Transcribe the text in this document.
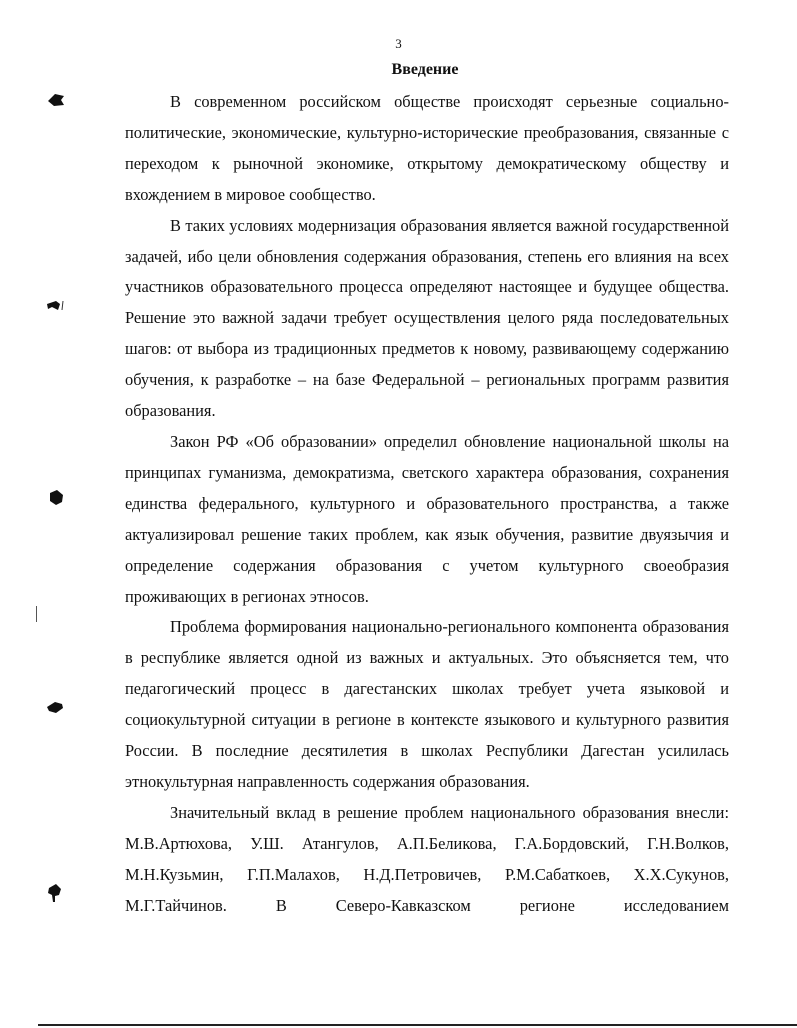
3
Введение

В современном российском обществе происходят серьезные социально-политические, экономические, культурно-исторические преобразования, связанные с переходом к рыночной экономике, открытому демократическому обществу и вхождением в мировое сообщество.

В таких условиях модернизация образования является важной государственной задачей, ибо цели обновления содержания образования, степень его влияния на всех участников образовательного процесса определяют настоящее и будущее общества. Решение это важной задачи требует осуществления целого ряда последовательных шагов: от выбора из традиционных предметов к новому, развивающему содержанию обучения, к разработке – на базе Федеральной – региональных программ развития образования.

Закон РФ «Об образовании» определил обновление национальной школы на принципах гуманизма, демократизма, светского характера образования, сохранения единства федерального, культурного и образовательного пространства, а также актуализировал решение таких проблем, как язык обучения, развитие двуязычия и определение содержания образования с учетом культурного своеобразия проживающих в регионах этносов.

Проблема формирования национально-регионального компонента образования в республике является одной из важных и актуальных. Это объясняется тем, что педагогический процесс в дагестанских школах требует учета языковой и социокультурной ситуации в регионе в контексте языкового и культурного развития России. В последние десятилетия в школах Республики Дагестан усилилась этнокультурная направленность содержания образования.

Значительный вклад в решение проблем национального образования внесли: М.В.Артюхова, У.Ш. Атангулов, А.П.Беликова, Г.А.Бордовский, Г.Н.Волков, М.Н.Кузьмин, Г.П.Малахов, Н.Д.Петровичев, Р.М.Сабаткоев, Х.Х.Сукунов, М.Г.Тайчинов. В Северо-Кавказском регионе исследованием
